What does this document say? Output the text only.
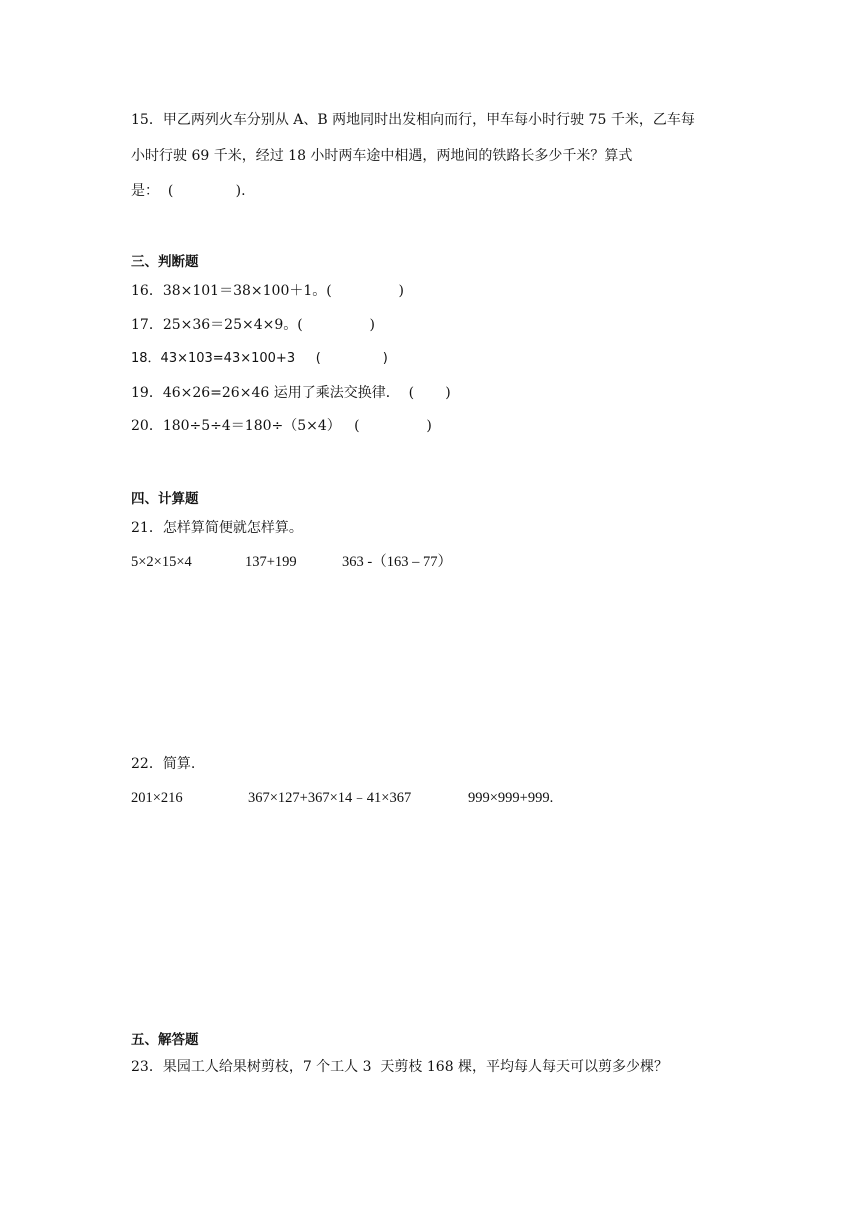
15．甲乙两列火车分别从 A、B 两地同时出发相向而行，甲车每小时行驶 75 千米，乙车每
小时行驶 69 千米，经过 18 小时两车途中相遇，两地间的铁路长多少千米？算式
是：  (              ).
三、判断题
16．38×101＝38×100＋1。(               )
17．25×36＝25×4×9。(               )
18．43×103=43×100+3     (               )
19．46×26=26×46 运用了乘法交换律．  (       )
20．180÷5÷4＝180÷（5×4）   (               )
四、计算题
21．怎样算简便就怎样算。
5×2×15×4	137+199	363 -（163 – 77）
22．简算.
201×216	367×127+367×14﹣41×367	999×999+999.
五、解答题
23．果园工人给果树剪枝，7 个工人 3  天剪枝 168 棵，平均每人每天可以剪多少棵？
